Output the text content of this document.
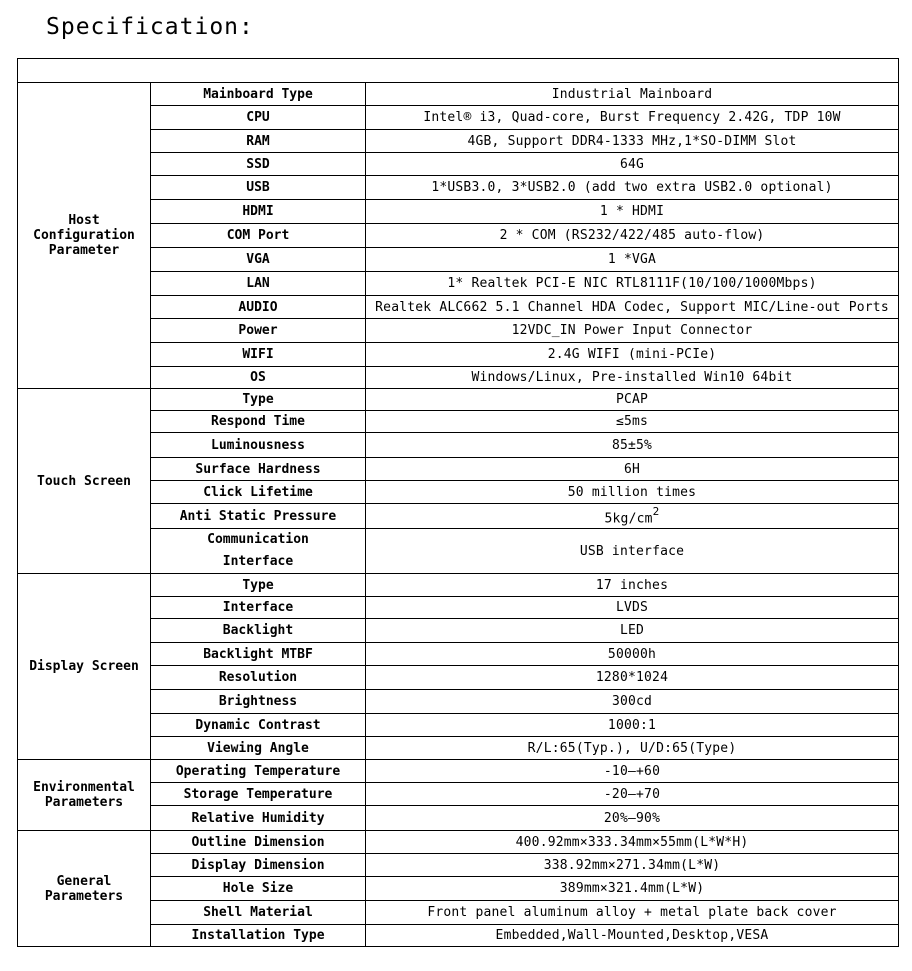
Specification:

Host Configuration Parameter	Mainboard Type	Industrial Mainboard
	CPU	Intel® i3, Quad-core, Burst Frequency 2.42G, TDP 10W
	RAM	4GB, Support DDR4-1333 MHz,1*SO-DIMM Slot
	SSD	64G
	USB	1*USB3.0, 3*USB2.0 (add two extra USB2.0 optional)
	HDMI	1 * HDMI
	COM Port	2 * COM (RS232/422/485 auto-flow)
	VGA	1 *VGA
	LAN	1* Realtek PCI-E NIC RTL8111F(10/100/1000Mbps)
	AUDIO	Realtek ALC662 5.1 Channel HDA Codec, Support MIC/Line-out Ports
	Power	12VDC_IN Power Input Connector
	WIFI	2.4G WIFI (mini-PCIe)
	OS	Windows/Linux, Pre-installed Win10 64bit
Touch Screen	Type	PCAP
	Respond Time	≤5ms
	Luminousness	85±5%
	Surface Hardness	6H
	Click Lifetime	50 million times
	Anti Static Pressure	$5kg/cm^2$
	Communication Interface	USB interface
Display Screen	Type	17 inches
	Interface	LVDS
	Backlight	LED
	Backlight MTBF	50000h
	Resolution	1280*1024
	Brightness	300cd
	Dynamic Contrast	1000:1
	Viewing Angle	R/L:65(Typ.), U/D:65(Type)
Environmental Parameters	Operating Temperature	-10—+60
	Storage Temperature	-20—+70
	Relative Humidity	20%—90%
General Parameters	Outline Dimension	400.92mm×333.34mm×55mm(L*W*H)
	Display Dimension	338.92mm×271.34mm(L*W)
	Hole Size	389mm×321.4mm(L*W)
	Shell Material	Front panel aluminum alloy + metal plate back cover
	Installation Type	Embedded,Wall-Mounted,Desktop,VESA
